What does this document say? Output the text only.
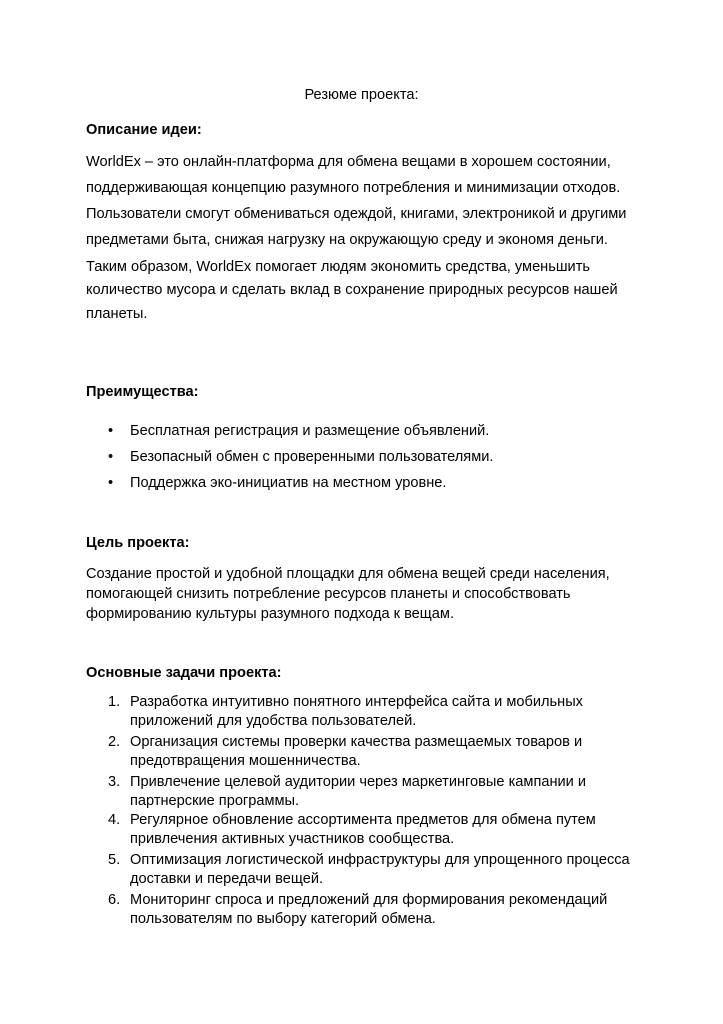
Резюме проекта:
Описание идеи:
WorldEx – это онлайн-платформа для обмена вещами в хорошем состоянии,
поддерживающая концепцию разумного потребления и минимизации отходов.
Пользователи смогут обмениваться одеждой, книгами, электроникой и другими
предметами быта, снижая нагрузку на окружающую среду и экономя деньги.
Таким образом, WorldEx помогает людям экономить средства, уменьшить
количество мусора и сделать вклад в сохранение природных ресурсов нашей
планеты.
Преимущества:
• Бесплатная регистрация и размещение объявлений.
• Безопасный обмен с проверенными пользователями.
• Поддержка эко-инициатив на местном уровне.
Цель проекта:
Создание простой и удобной площадки для обмена вещей среди населения,
помогающей снизить потребление ресурсов планеты и способствовать
формированию культуры разумного подхода к вещам.
Основные задачи проекта:
1. Разработка интуитивно понятного интерфейса сайта и мобильных
приложений для удобства пользователей.
2. Организация системы проверки качества размещаемых товаров и
предотвращения мошенничества.
3. Привлечение целевой аудитории через маркетинговые кампании и
партнерские программы.
4. Регулярное обновление ассортимента предметов для обмена путем
привлечения активных участников сообщества.
5. Оптимизация логистической инфраструктуры для упрощенного процесса
доставки и передачи вещей.
6. Мониторинг спроса и предложений для формирования рекомендаций
пользователям по выбору категорий обмена.
